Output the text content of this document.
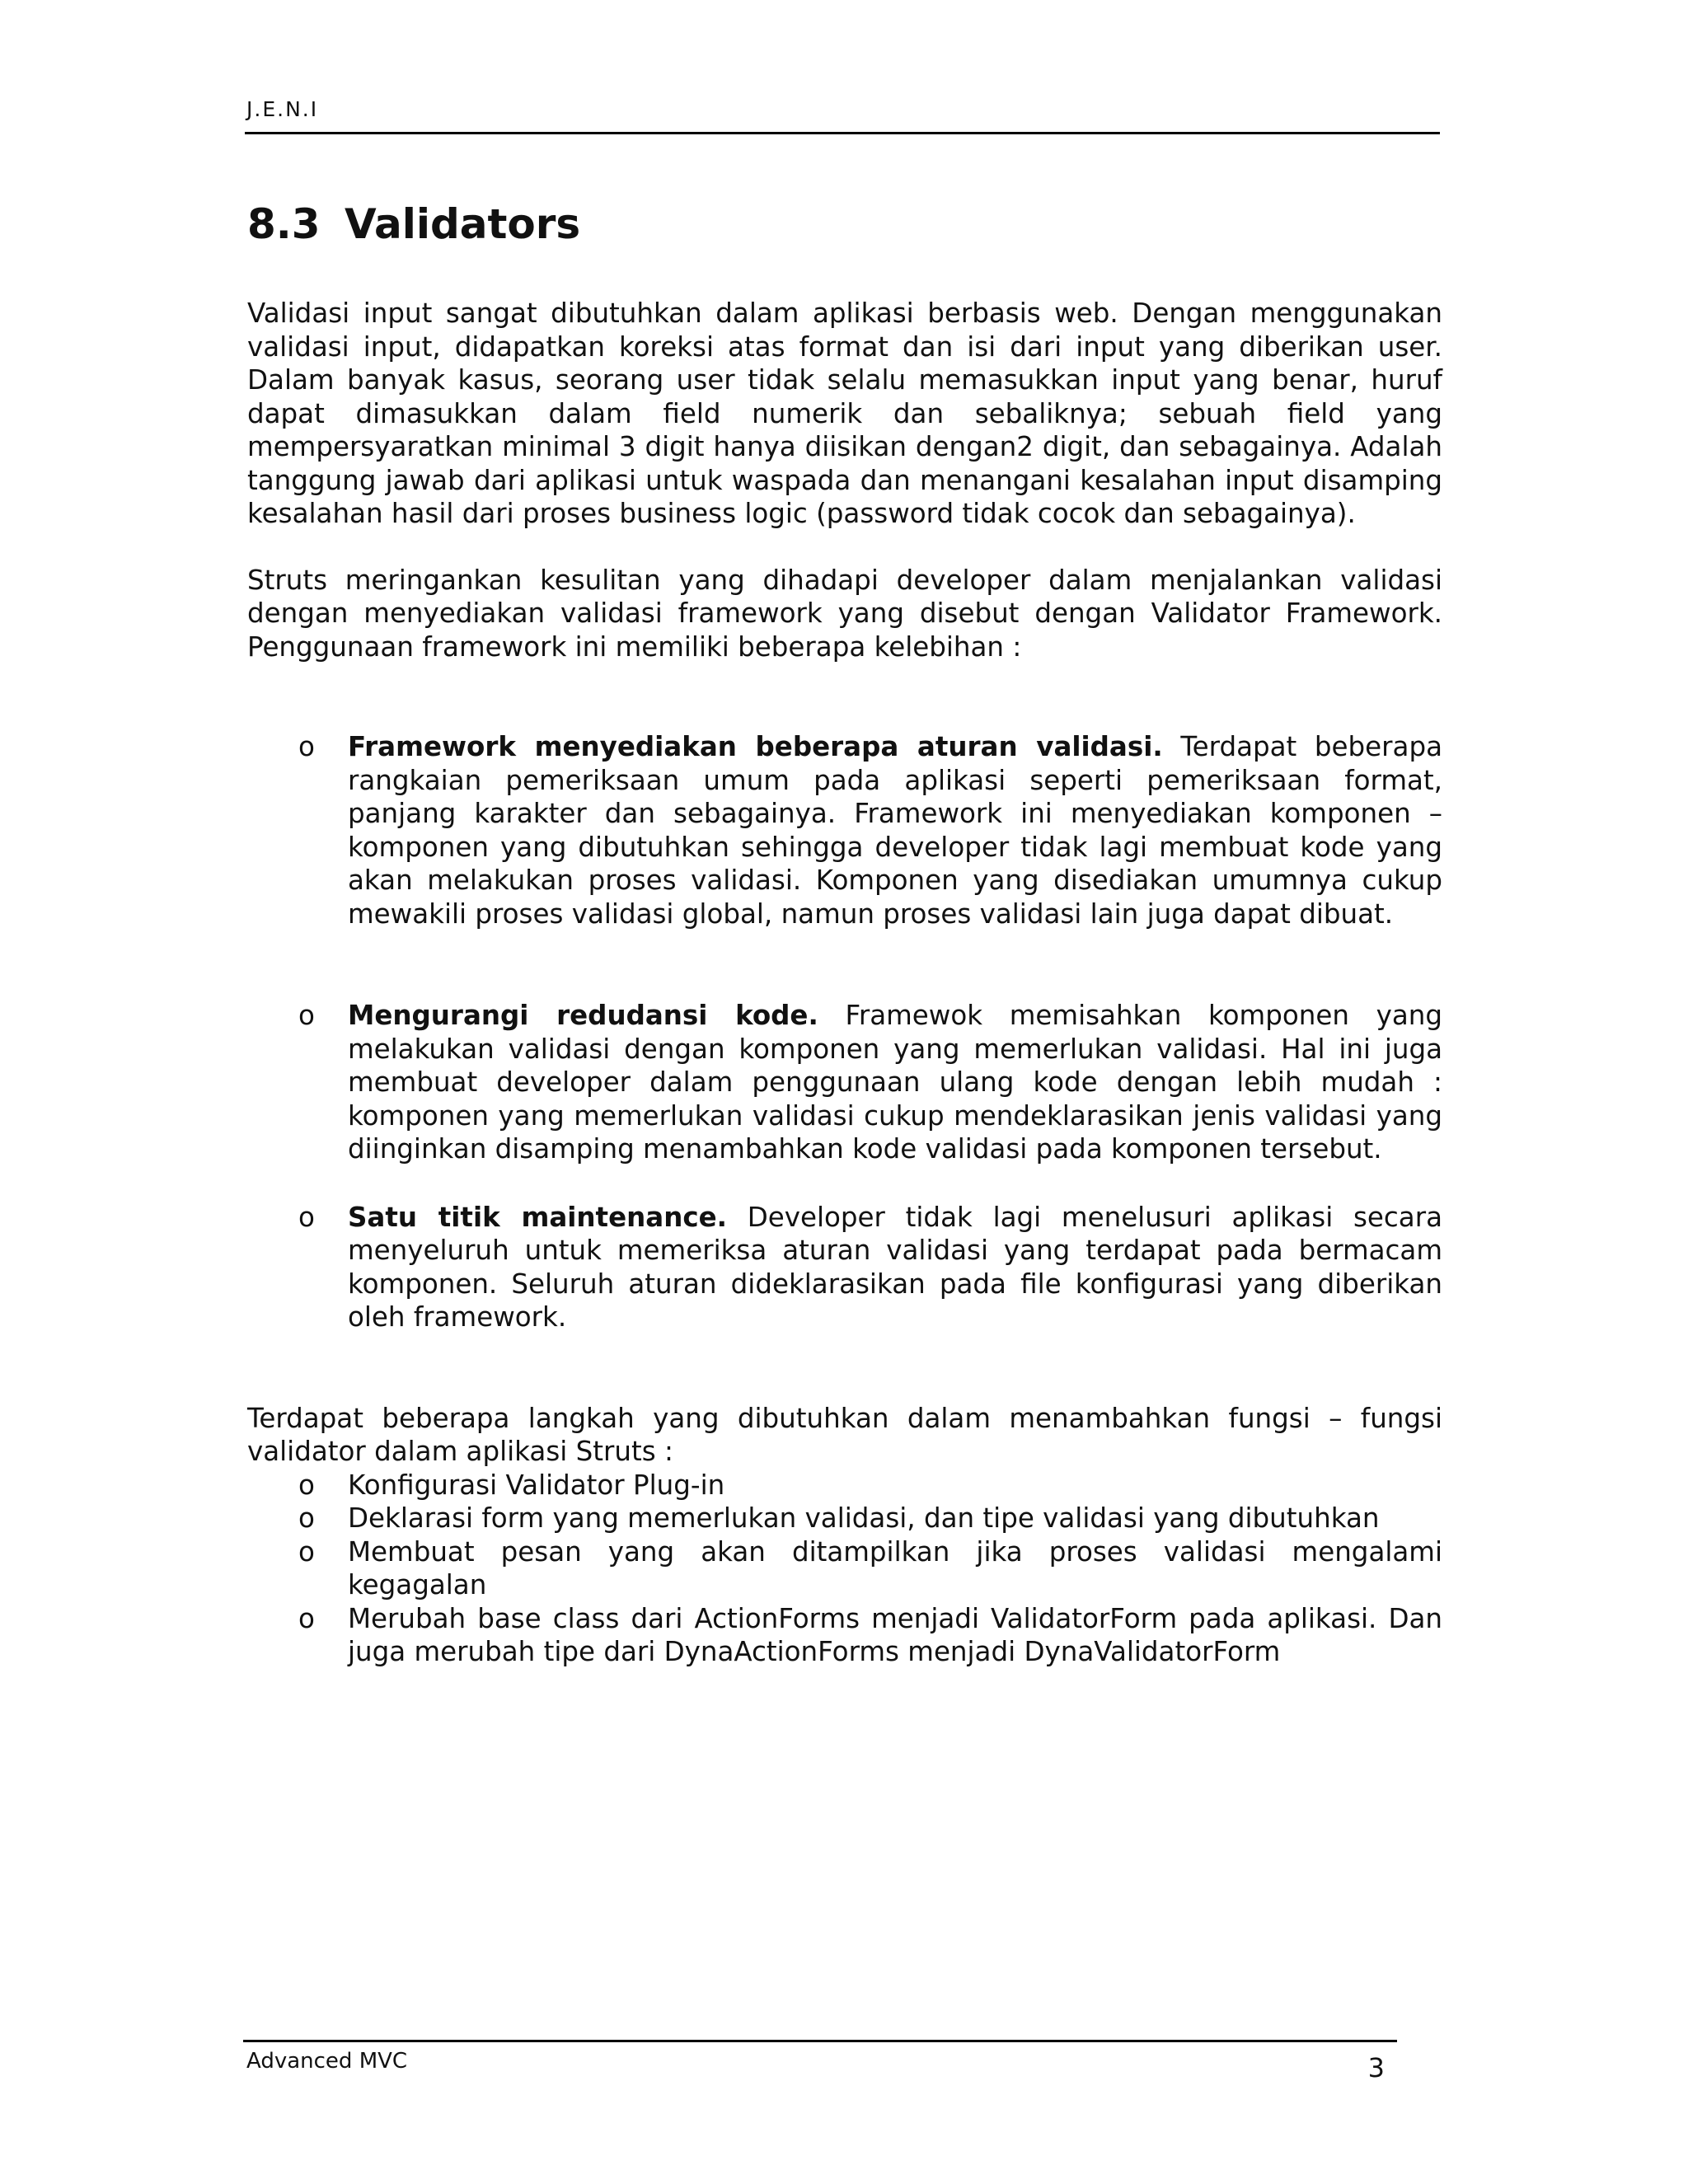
J.E.N.I
8.3 Validators

Validasi input sangat dibutuhkan dalam aplikasi berbasis web. Dengan menggunakan validasi input, didapatkan koreksi atas format dan isi dari input yang diberikan user. Dalam banyak kasus, seorang user tidak selalu memasukkan input yang benar, huruf dapat dimasukkan dalam field numerik dan sebaliknya; sebuah field yang mempersyaratkan minimal 3 digit hanya diisikan dengan2 digit, dan sebagainya. Adalah tanggung jawab dari aplikasi untuk waspada dan menangani kesalahan input disamping kesalahan hasil dari proses business logic (password tidak cocok dan sebagainya).

Struts meringankan kesulitan yang dihadapi developer dalam menjalankan validasi dengan menyediakan validasi framework yang disebut dengan Validator Framework. Penggunaan framework ini memiliki beberapa kelebihan :

o Framework menyediakan beberapa aturan validasi. Terdapat beberapa rangkaian pemeriksaan umum pada aplikasi seperti pemeriksaan format, panjang karakter dan sebagainya. Framework ini menyediakan komponen – komponen yang dibutuhkan sehingga developer tidak lagi membuat kode yang akan melakukan proses validasi. Komponen yang disediakan umumnya cukup mewakili proses validasi global, namun proses validasi lain juga dapat dibuat.
o Mengurangi redudansi kode. Framewok memisahkan komponen yang melakukan validasi dengan komponen yang memerlukan validasi. Hal ini juga membuat developer dalam penggunaan ulang kode dengan lebih mudah : komponen yang memerlukan validasi cukup mendeklarasikan jenis validasi yang diinginkan disamping menambahkan kode validasi pada komponen tersebut.
o Satu titik maintenance. Developer tidak lagi menelusuri aplikasi secara menyeluruh untuk memeriksa aturan validasi yang terdapat pada bermacam komponen. Seluruh aturan dideklarasikan pada file konfigurasi yang diberikan oleh framework.

Terdapat beberapa langkah yang dibutuhkan dalam menambahkan fungsi – fungsi validator dalam aplikasi Struts :

o Konfigurasi Validator Plug-in
o Deklarasi form yang memerlukan validasi, dan tipe validasi yang dibutuhkan
o Membuat pesan yang akan ditampilkan jika proses validasi mengalami kegagalan
o Merubah base class dari ActionForms menjadi ValidatorForm pada aplikasi. Dan juga merubah tipe dari DynaActionForms menjadi DynaValidatorForm
Advanced MVC	3
